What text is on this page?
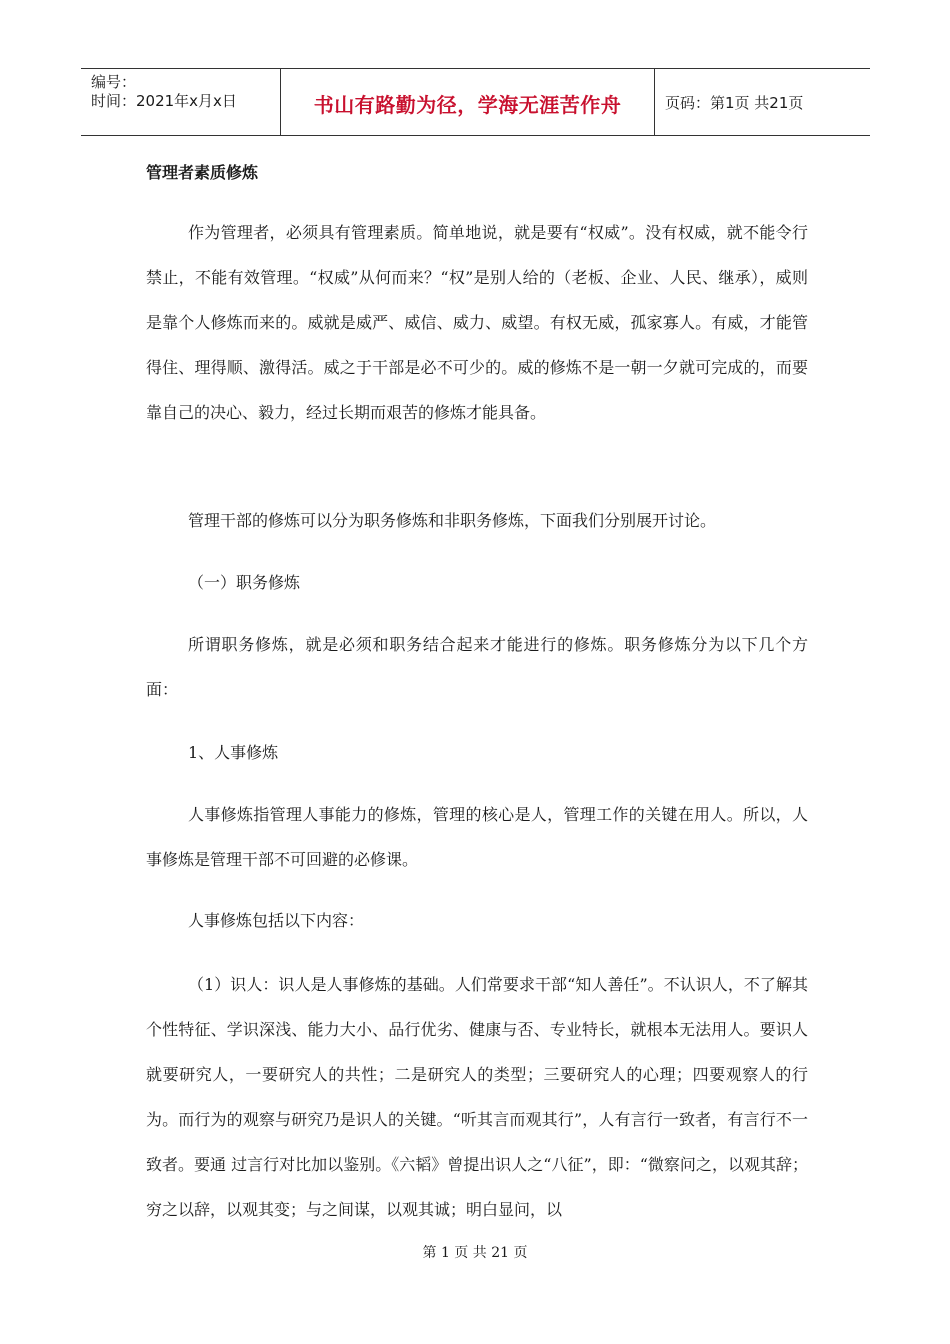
编号：
时间：2021年x月x日	书山有路勤为径，学海无涯苦作舟	页码：第1页 共21页
管理者素质修炼

作为管理者，必须具有管理素质。简单地说，就是要有“权威”。没有权威，就不能令行禁止，不能有效管理。“权威”从何而来？“权”是别人给的（老板、企业、人民、继承），威则是靠个人修炼而来的。威就是威严、威信、威力、威望。有权无威，孤家寡人。有威，才能管得住、理得顺、激得活。威之于干部是必不可少的。威的修炼不是一朝一夕就可完成的，而要靠自己的决心、毅力，经过长期而艰苦的修炼才能具备。

管理干部的修炼可以分为职务修炼和非职务修炼，下面我们分别展开讨论。

（一）职务修炼

所谓职务修炼，就是必须和职务结合起来才能进行的修炼。职务修炼分为以下几个方面：

1、人事修炼

人事修炼指管理人事能力的修炼，管理的核心是人，管理工作的关键在用人。所以，人事修炼是管理干部不可回避的必修课。

人事修炼包括以下内容：

（1）识人：识人是人事修炼的基础。人们常要求干部“知人善任”。不认识人，不了解其个性特征、学识深浅、能力大小、品行优劣、健康与否、专业特长，就根本无法用人。要识人就要研究人，一要研究人的共性；二是研究人的类型；三要研究人的心理；四要观察人的行为。而行为的观察与研究乃是识人的关键。“听其言而观其行”，人有言行一致者，有言行不一致者。要通 过言行对比加以鉴别。《六韬》曾提出识人之“八征”，即：“微察问之，以观其辞；穷之以辞，以观其变；与之间谋，以观其诚；明白显问，以

第 1 页 共 21 页
